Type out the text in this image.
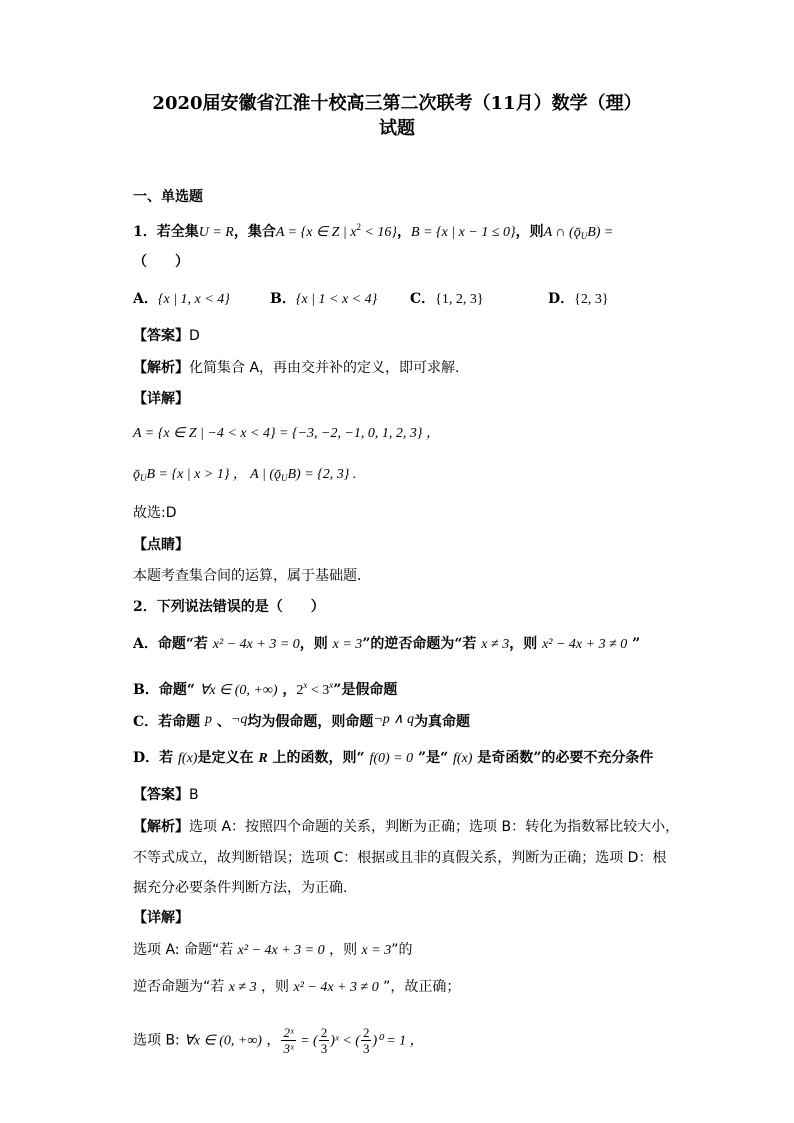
2020届安徽省江淮十校高三第二次联考（11月）数学（理）
试题
一、单选题
1．若全集U = R，集合A = {x ∈ Z | $x^2 < 16$}，B = {x | x − 1 ≤ 0}，则A ∩ $(ǭ_UB)$ =
（　　）
A．{x | 1, x < 4}	B．{x | 1 < x < 4} C．{1, 2, 3}	D．{2, 3}
【答案】D
【解析】化简集合 A，再由交并补的定义，即可求解.
【详解】
A = {x ∈ Z | −4 < x < 4} = {−3, −2, −1, 0, 1, 2, 3} ，
$ǭ_UB = \{x$ | x > 1} ， A | $(ǭ_UB) = \{2$, 3} .
故选:D
【点睛】
本题考查集合间的运算，属于基础题.
2．下列说法错误的是（　　）
A．命题“若 x² − 4x + 3 = 0，则 x = 3”的逆否命题为“若 x ≠ 3，则 x² − 4x + 3 ≠ 0 ”
B．命题“ ∀x ∈ (0, +∞) ，$2^x < 3^x$”是假命题
C．若命题 p 、¬q均为假命题，则命题¬p ∧ q为真命题
D．若 f(x)是定义在 R 上的函数，则“ f(0) = 0 ”是“ f(x) 是奇函数”的必要不充分条件
【答案】B
【解析】选项 A：按照四个命题的关系，判断为正确；选项 B：转化为指数幂比较大小，
不等式成立，故判断错误；选项 C：根据或且非的真假关系，判断为正确；选项 D：根
据充分必要条件判断方法，为正确.
【详解】
选项 A: 命题“若 x² − 4x + 3 = 0 ，则 x = 3”的
逆否命题为“若 x ≠ 3 ，则 x² − 4x + 3 ≠ 0 ”，故正确；
选项 B: ∀x ∈ (0, +∞) ， $\frac{\text{2ˣ}}{\text{3ˣ}}$ = ( $\frac{2}{3}$ )ˣ < ( $\frac{2}{3} )^0 = 1$ ，
